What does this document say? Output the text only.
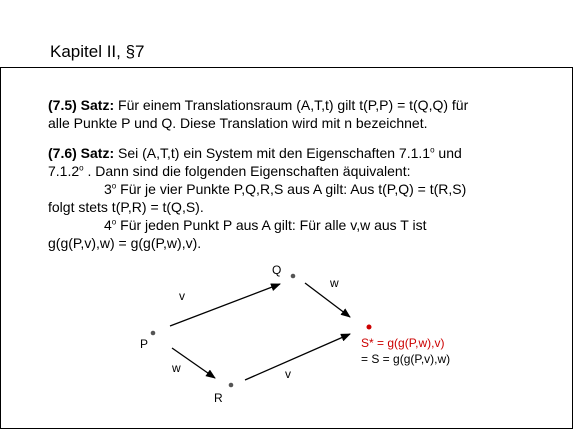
Kapitel II, §7
(7.5) Satz: Für einem Translationsraum (A,T,t) gilt t(P,P) = t(Q,Q) für
alle Punkte P und Q. Diese Translation wird mit n bezeichnet.
(7.6) Satz: Sei (A,T,t) ein System mit den Eigenschaften 7.1.1$^o$ und
7.1.2$^o$ . Dann sind die folgenden Eigenschaften äquivalent:
3$^o$ Für je vier Punkte P,Q,R,S aus A gilt: Aus t(P,Q) = t(R,S)
folgt stets t(P,R) = t(Q,S).
4$^o$ Für jeden Punkt P aus A gilt: Für alle v,w aus T ist
g(g(P,v),w) = g(g(P,w),v).
P
Q
R
v
w
w	v
S* = g(g(P,w),v)
= S = g(g(P,v),w)
